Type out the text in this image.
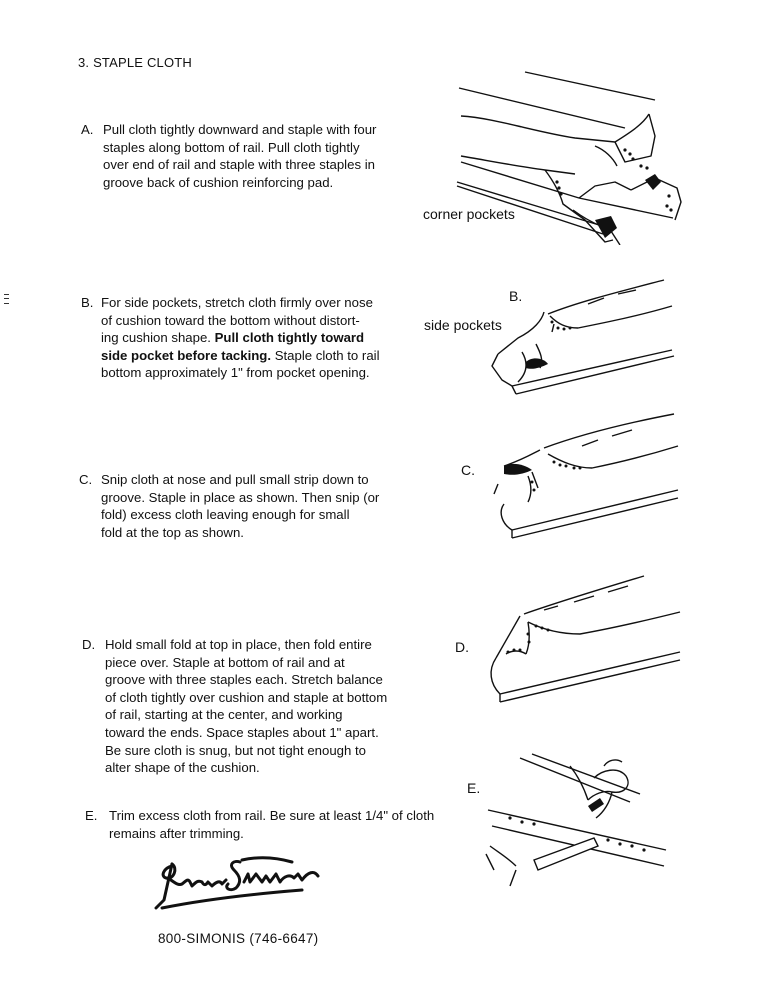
3. STAPLE CLOTH
A. Pull cloth tightly downward and staple with four
staples along bottom of rail. Pull cloth tightly
over end of rail and staple with three staples in
groove back of cushion reinforcing pad.
B. For side pockets, stretch cloth firmly over nose
of cushion toward the bottom without distort-
ing cushion shape. Pull cloth tightly toward
side pocket before tacking. Staple cloth to rail
bottom approximately 1" from pocket opening.
C. Snip cloth at nose and pull small strip down to
groove. Staple in place as shown. Then snip (or
fold) excess cloth leaving enough for small
fold at the top as shown.
D. Hold small fold at top in place, then fold entire
piece over. Staple at bottom of rail and at
groove with three staples each. Stretch balance
of cloth tightly over cushion and staple at bottom
of rail, starting at the center, and working
toward the ends. Space staples about 1" apart.
Be sure cloth is snug, but not tight enough to
alter shape of the cushion.
E. Trim excess cloth from rail. Be sure at least 1/4" of cloth
remains after trimming.
800-SIMONIS (746-6647)
corner pockets
B.
side pockets
C.
D.
E.
